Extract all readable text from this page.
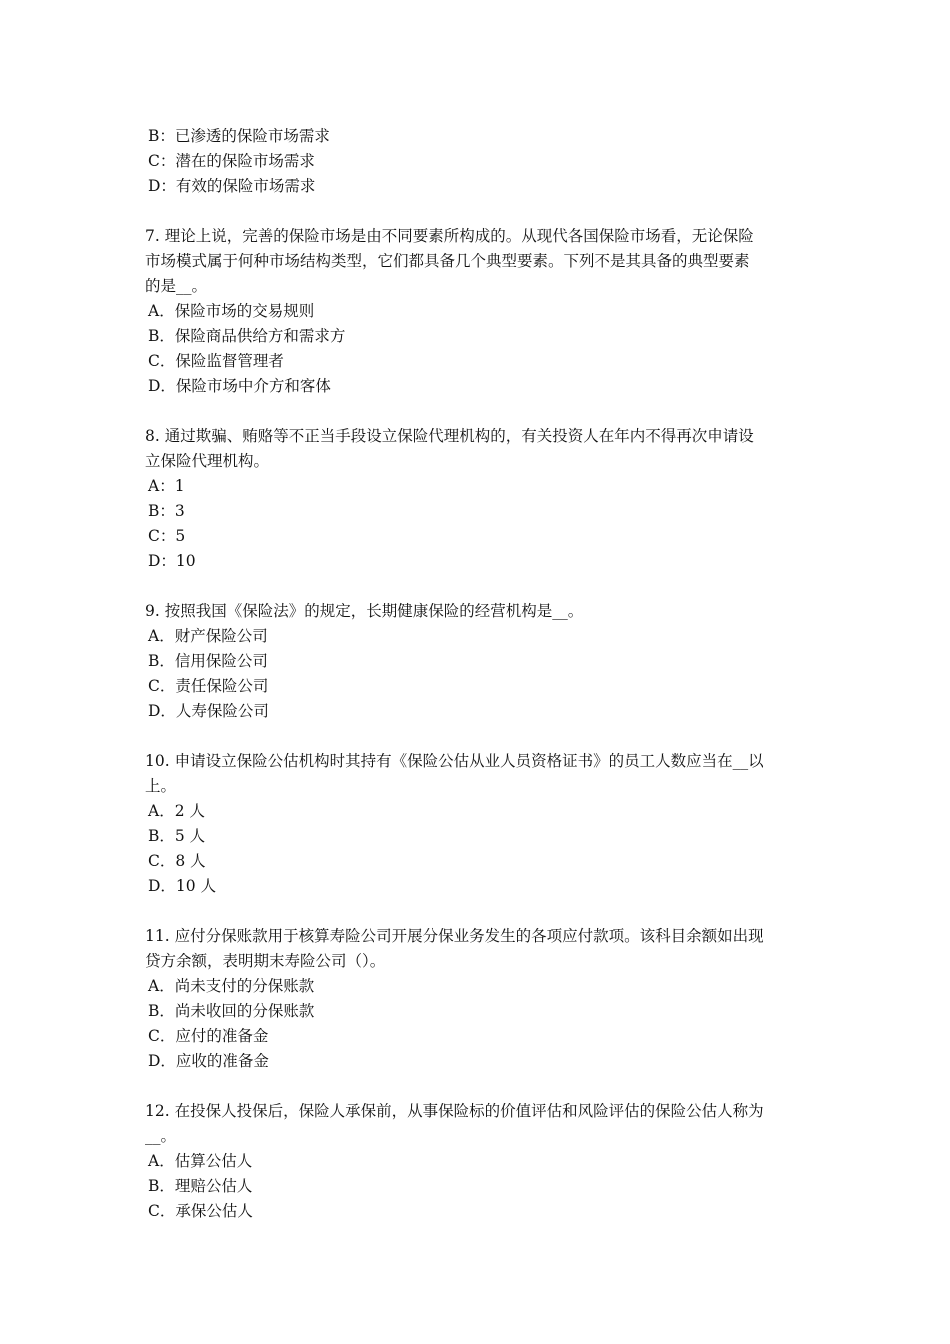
B：已渗透的保险市场需求
C：潜在的保险市场需求
D：有效的保险市场需求
7. 理论上说，完善的保险市场是由不同要素所构成的。从现代各国保险市场看，无论保险
市场模式属于何种市场结构类型，它们都具备几个典型要素。下列不是其具备的典型要素
的是__。
A．保险市场的交易规则
B．保险商品供给方和需求方
C．保险监督管理者
D．保险市场中介方和客体
8. 通过欺骗、贿赂等不正当手段设立保险代理机构的，有关投资人在年内不得再次申请设
立保险代理机构。
A：1
B：3
C：5
D：10
9. 按照我国《保险法》的规定，长期健康保险的经营机构是__。
A．财产保险公司
B．信用保险公司
C．责任保险公司
D．人寿保险公司
10. 申请设立保险公估机构时其持有《保险公估从业人员资格证书》的员工人数应当在__以
上。
A．2 人
B．5 人
C．8 人
D．10 人
11. 应付分保账款用于核算寿险公司开展分保业务发生的各项应付款项。该科目余额如出现
贷方余额，表明期末寿险公司（）。
A．尚未支付的分保账款
B．尚未收回的分保账款
C．应付的准备金
D．应收的准备金
12. 在投保人投保后，保险人承保前，从事保险标的价值评估和风险评估的保险公估人称为
__。
A．估算公估人
B．理赔公估人
C．承保公估人
